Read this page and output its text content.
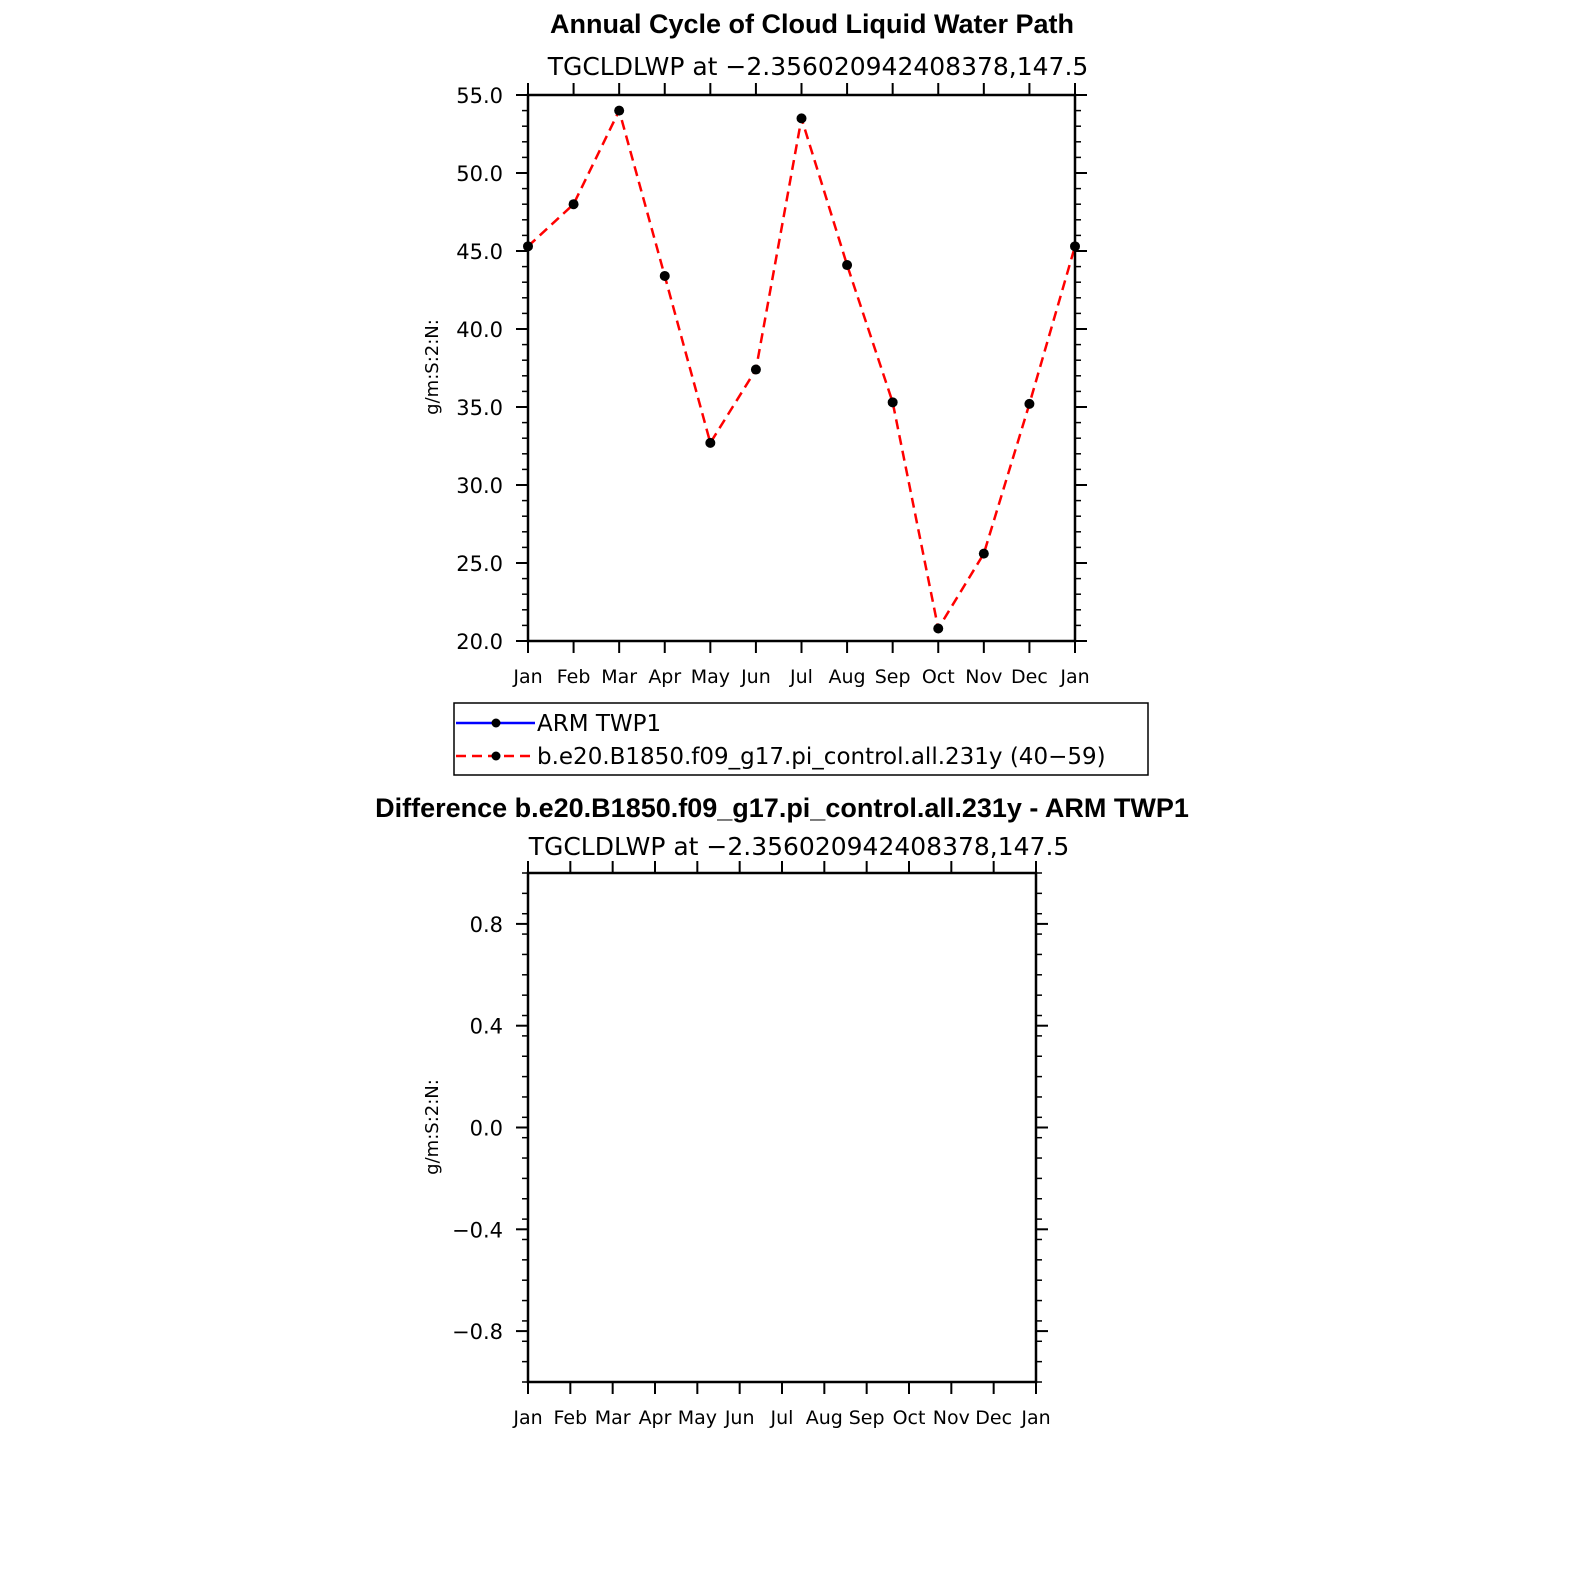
Annual Cycle of Cloud Liquid Water Path
TGCLDLWP at −2.356020942408378,147.5
g/m:S:2:N:
20.0
25.0
30.0
35.0
40.0
45.0
50.0
55.0
Jan Feb Mar Apr May Jun Jul Aug Sep Oct Nov Dec Jan
ARM TWP1
b.e20.B1850.f09_g17.pi_control.all.231y (40−59)
Difference b.e20.B1850.f09_g17.pi_control.all.231y - ARM TWP1
TGCLDLWP at −2.356020942408378,147.5
g/m:S:2:N:
−0.8
−0.4
0.0
0.4
0.8
Jan Feb Mar Apr May Jun Jul Aug Sep Oct Nov Dec Jan
